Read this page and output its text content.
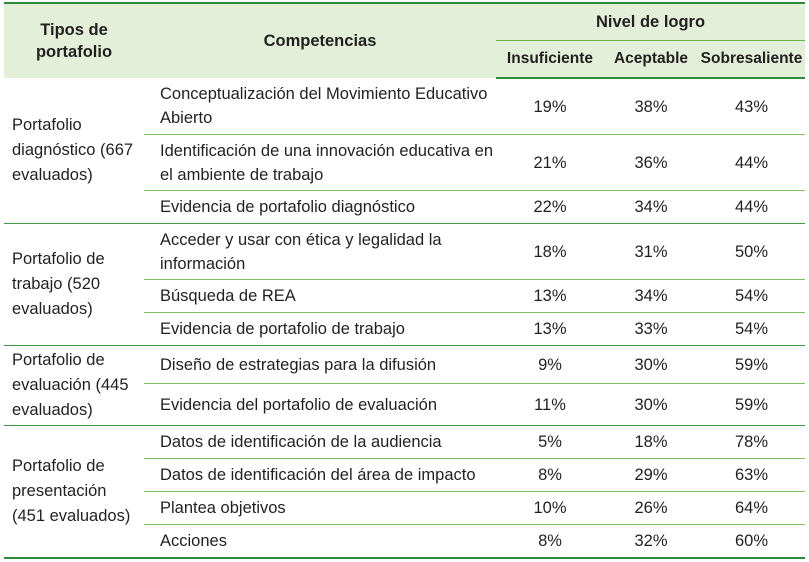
Tipos de portafolio	Competencias	Nivel de logro		
		Insuficiente	Aceptable	Sobresaliente
Portafolio diagnóstico (667 evaluados)	Conceptualización del Movimiento Educativo Abierto	19%	38%	43%
	Identificación de una innovación educativa en el ambiente de trabajo	21%	36%	44%
	Evidencia de portafolio diagnóstico	22%	34%	44%
Portafolio de trabajo (520 evaluados)	Acceder y usar con ética y legalidad la información	18%	31%	50%
	Búsqueda de REA	13%	34%	54%
	Evidencia de portafolio de trabajo	13%	33%	54%
Portafolio de evaluación (445 evaluados)	Diseño de estrategias para la difusión	9%	30%	59%
	Evidencia del portafolio de evaluación	11%	30%	59%
Portafolio de presentación (451 evaluados)	Datos de identificación de la audiencia	5%	18%	78%
	Datos de identificación del área de impacto	8%	29%	63%
	Plantea objetivos	10%	26%	64%
	Acciones	8%	32%	60%
